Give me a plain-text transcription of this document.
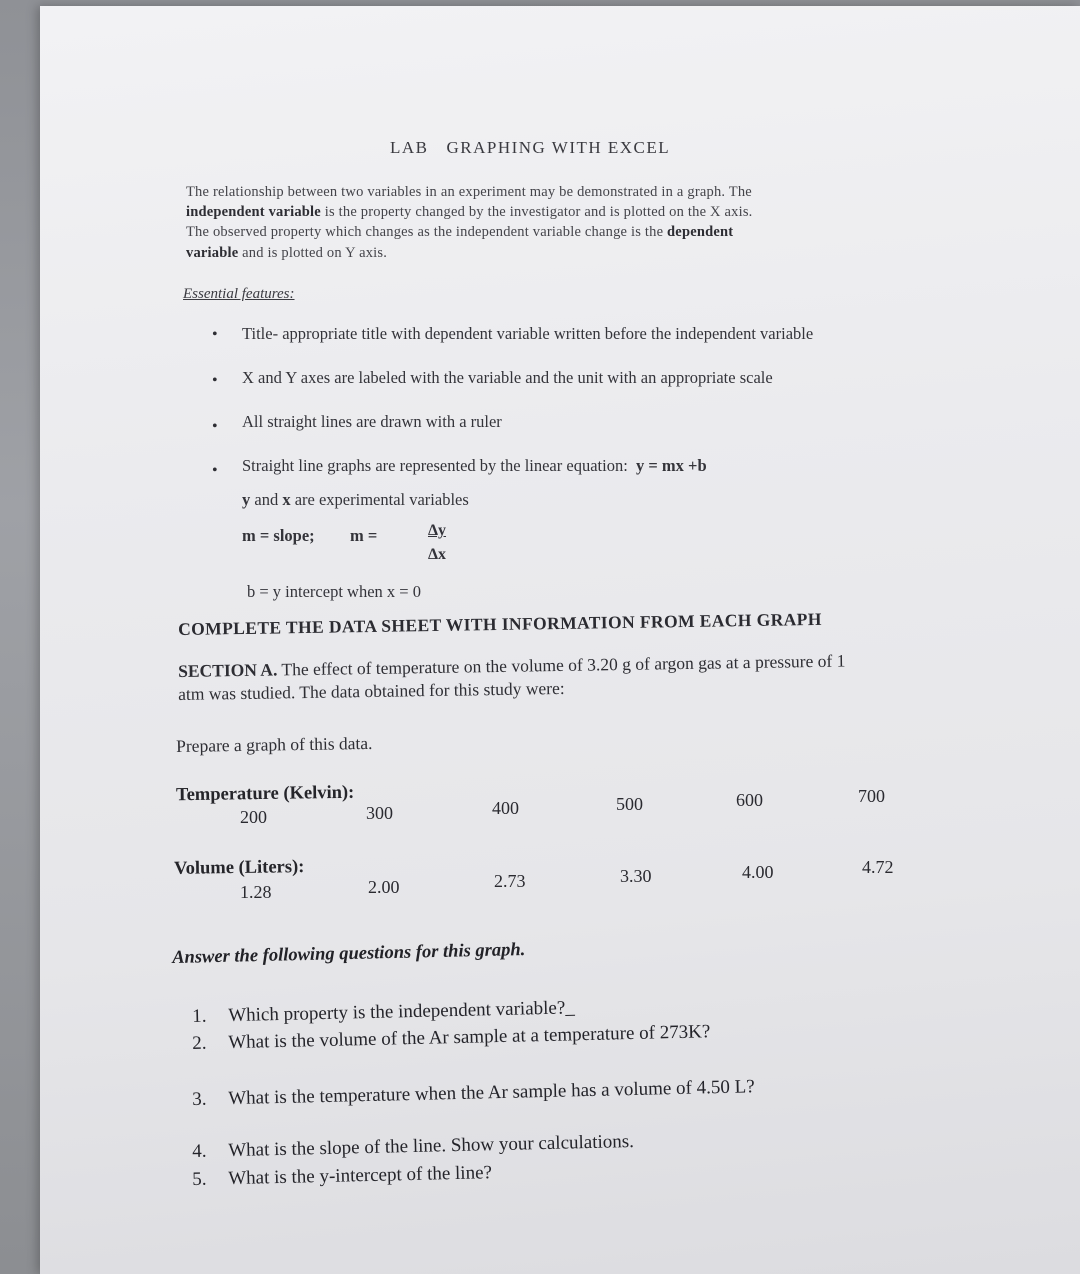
LAB GRAPHING WITH EXCEL
The relationship between two variables in an experiment may be demonstrated in a graph. The
independent variable is the property changed by the investigator and is plotted on the X axis.
The observed property which changes as the independent variable change is the dependent
variable and is plotted on Y axis.
Essential features:
• Title- appropriate title with dependent variable written before the independent variable
• X and Y axes are labeled with the variable and the unit with an appropriate scale
• All straight lines are drawn with a ruler
• Straight line graphs are represented by the linear equation: y = mx +b
y and x are experimental variables
m = slope; m =	Δy
Δx
b = y intercept when x = 0
COMPLETE THE DATA SHEET WITH INFORMATION FROM EACH GRAPH
SECTION A. The effect of temperature on the volume of 3.20 g of argon gas at a pressure of 1
atm was studied. The data obtained for this study were:
Prepare a graph of this data.
Temperature (Kelvin):
200	300	400	500	600	700
Volume (Liters):
1.28	2.00	2.73	3.30	4.00	4.72
Answer the following questions for this graph.
1. Which property is the independent variable?_
2. What is the volume of the Ar sample at a temperature of 273K?
3. What is the temperature when the Ar sample has a volume of 4.50 L?
4. What is the slope of the line. Show your calculations.
5. What is the y-intercept of the line?
